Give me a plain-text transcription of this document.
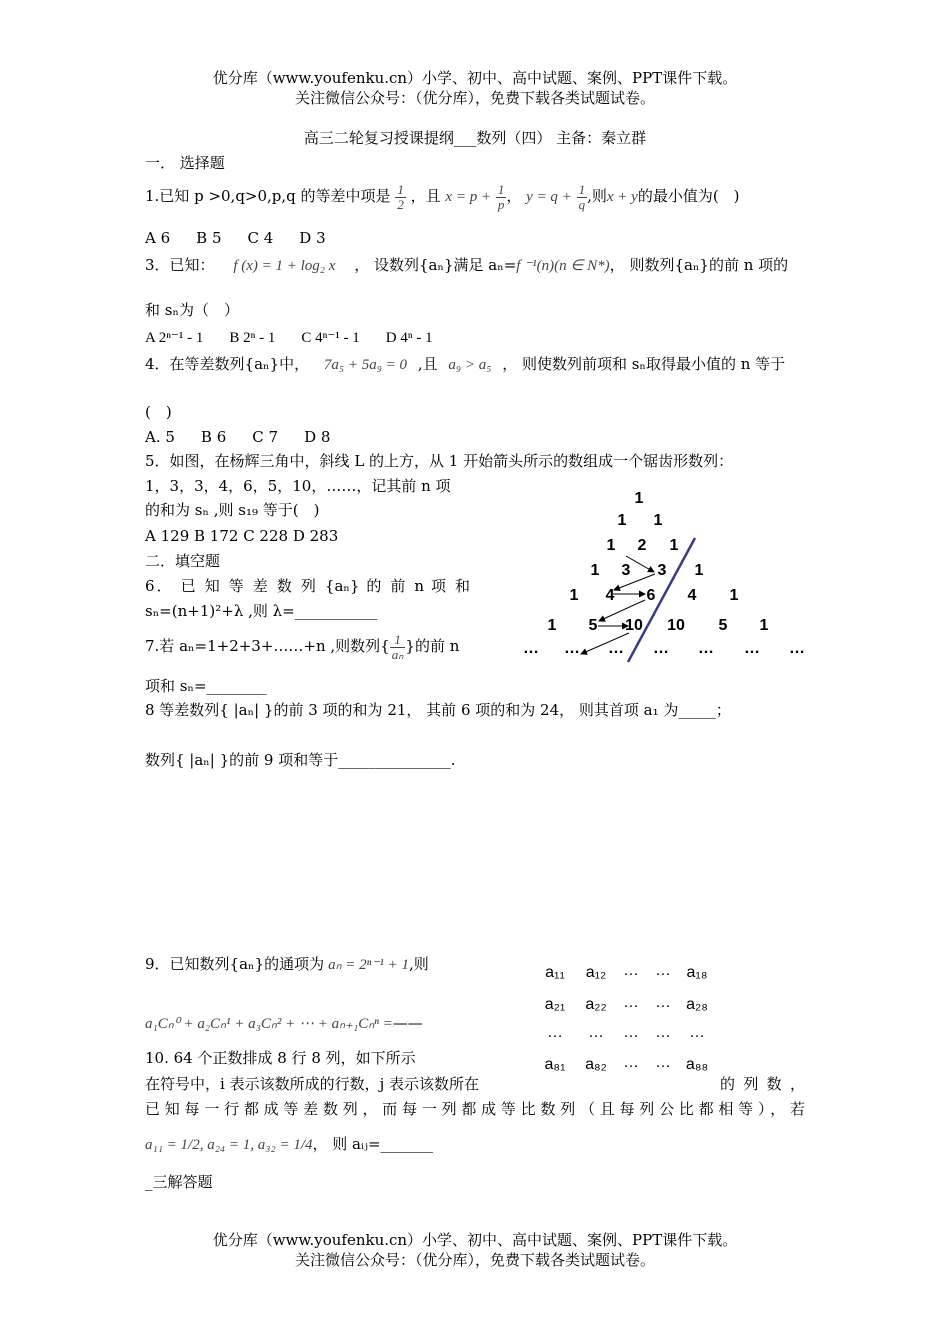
优分库（www.youfenku.cn）小学、初中、高中试题、案例、PPT课件下载。
关注微信公众号：（优分库），免费下载各类试题试卷。
高三二轮复习授课提纲___数列（四） 主备：秦立群
一． 选择题
1.已知 p >0,q>0,p,q 的等差中项是 $\frac{1}{2}$ ，且 $x = p + \frac{1}{p}$ ， $y = q + \frac{1}{q}$ ,则x + y的最小值为(　)
A 6 B 5 C 4 D 3
3．已知： f (x) = 1 + log₂ x ， 设数列{aₙ}满足 aₙ=f ⁻¹(n)(n ∈ N*)， 则数列{aₙ}的前 n 项的
和 sₙ为（　）
A 2ⁿ⁻¹ - 1 B 2ⁿ - 1 C 4ⁿ⁻¹ - 1 D 4ⁿ - 1
4．在等差数列{aₙ}中， 7a₅ + 5a₉ = 0 ,且 a₉ > a₅ ， 则使数列前项和 sₙ取得最小值的 n 等于
(　)
A. 5 B 6 C 7 D 8
5．如图，在杨辉三角中，斜线 L 的上方，从 1 开始箭头所示的数组成一个锯齿形数列：
1，3，3，4，6，5，10，……，记其前 n 项
的和为 sₙ ,则 s₁₉ 等于(　)
A 129 B 172 C 228 D 283
1
1 1
1 2 1
1 3 3 1
1 4 6 4 1
1 5 10 10 5 1
… … … … … … …
二．填空题
6． 已 知 等 差 数 列 {aₙ} 的 前 n 项 和
sₙ=(n+1)²+λ ,则 λ=___________
7.若 aₙ=1+2+3+……+n ,则数列{ $\frac{1}{\text{aₙ}}$ }的前 n
项和 sₙ=________
8 等差数列{ |aₙ| }的前 3 项的和为 21， 其前 6 项的和为 24， 则其首项 a₁ 为_____；
数列{ |aₙ| }的前 9 项和等于_______________.
9．已知数列{aₙ}的通项为 aₙ = 2ⁿ⁻¹ + 1,则
a₁Cₙ⁰ + a₂Cₙ¹ + a₃Cₙ² + ⋯ + aₙ₊₁Cₙⁿ =——
a₁₁ a₁₂ … … a₁₈
a₂₁ a₂₂ … … a₂₈
… … … … …
a₈₁ a₈₂ … … a₈₈
10. 64 个正数排成 8 行 8 列，如下所示
在符号中，i 表示该数所成的行数，j 表示该数所在	的 列 数 ，
已知每一行都成等差数列，而每一列都成等比数列（且每列公比都相等），若
a₁₁ = 1/2, a₂₄ = 1, a₃₂ = 1/4， 则 aᵢⱼ=_______
_三解答题
优分库（www.youfenku.cn）小学、初中、高中试题、案例、PPT课件下载。
关注微信公众号：（优分库），免费下载各类试题试卷。
